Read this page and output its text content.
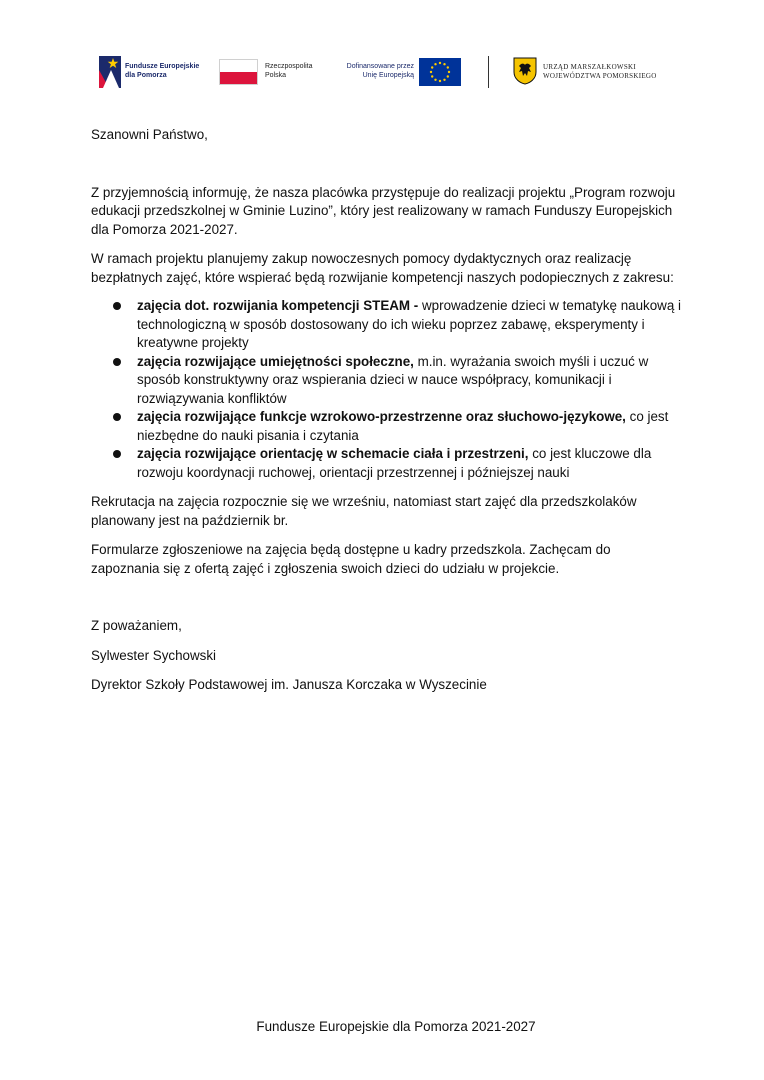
Fundusze Europejskie
dla Pomorza
Rzeczpospolita
Polska
Dofinansowane przez
Unię Europejską
URZĄD MARSZAŁKOWSKI
WOJEWÓDZTWA POMORSKIEGO

Szanowni Państwo,

Z przyjemnością informuję, że nasza placówka przystępuje do realizacji projektu „Program rozwoju edukacji przedszkolnej w Gminie Luzino”, który jest realizowany w ramach Funduszy Europejskich dla Pomorza 2021-2027.

W ramach projektu planujemy zakup nowoczesnych pomocy dydaktycznych oraz realizację bezpłatnych zajęć, które wspierać będą rozwijanie kompetencji naszych podopiecznych z zakresu:

zajęcia dot. rozwijania kompetencji STEAM - wprowadzenie dzieci w tematykę naukową i technologiczną w sposób dostosowany do ich wieku poprzez zabawę, eksperymenty i kreatywne projekty
zajęcia rozwijające umiejętności społeczne, m.in. wyrażania swoich myśli i uczuć w sposób konstruktywny oraz wspierania dzieci w nauce współpracy, komunikacji i rozwiązywania konfliktów
zajęcia rozwijające funkcje wzrokowo-przestrzenne oraz słuchowo-językowe, co jest niezbędne do nauki pisania i czytania
zajęcia rozwijające orientację w schemacie ciała i przestrzeni, co jest kluczowe dla rozwoju koordynacji ruchowej, orientacji przestrzennej i późniejszej nauki

Rekrutacja na zajęcia rozpocznie się we wrześniu, natomiast start zajęć dla przedszkolaków planowany jest na październik br.

Formularze zgłoszeniowe na zajęcia będą dostępne u kadry przedszkola. Zachęcam do zapoznania się z ofertą zajęć i zgłoszenia swoich dzieci do udziału w projekcie.

Z poważaniem,

Sylwester Sychowski

Dyrektor Szkoły Podstawowej im. Janusza Korczaka w Wyszecinie

Fundusze Europejskie dla Pomorza 2021-2027
